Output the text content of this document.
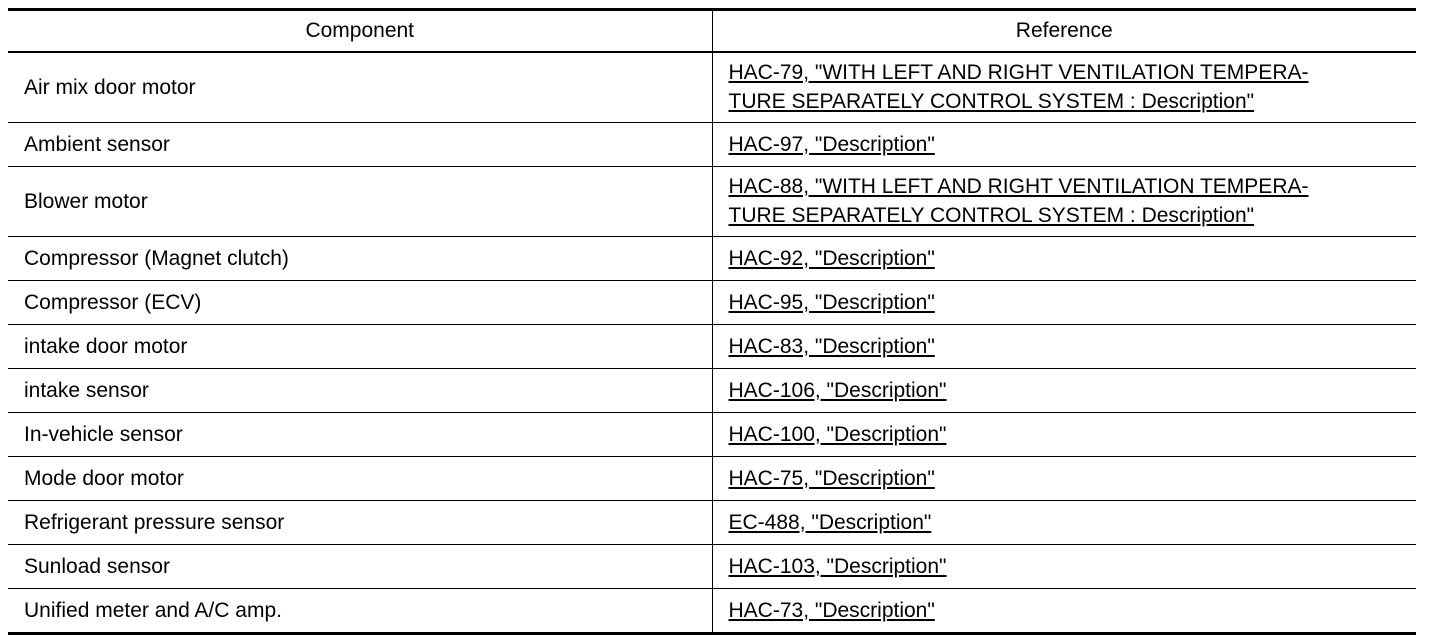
Component	Reference
Air mix door motor	HAC-79, "WITH LEFT AND RIGHT VENTILATION TEMPERA-
TURE SEPARATELY CONTROL SYSTEM : Description"
Ambient sensor	HAC-97, "Description"
Blower motor	HAC-88, "WITH LEFT AND RIGHT VENTILATION TEMPERA-
TURE SEPARATELY CONTROL SYSTEM : Description"
Compressor (Magnet clutch)	HAC-92, "Description"
Compressor (ECV)	HAC-95, "Description"
intake door motor	HAC-83, "Description"
intake sensor	HAC-106, "Description"
In-vehicle sensor	HAC-100, "Description"
Mode door motor	HAC-75, "Description"
Refrigerant pressure sensor	EC-488, "Description"
Sunload sensor	HAC-103, "Description"
Unified meter and A/C amp.	HAC-73, "Description"
